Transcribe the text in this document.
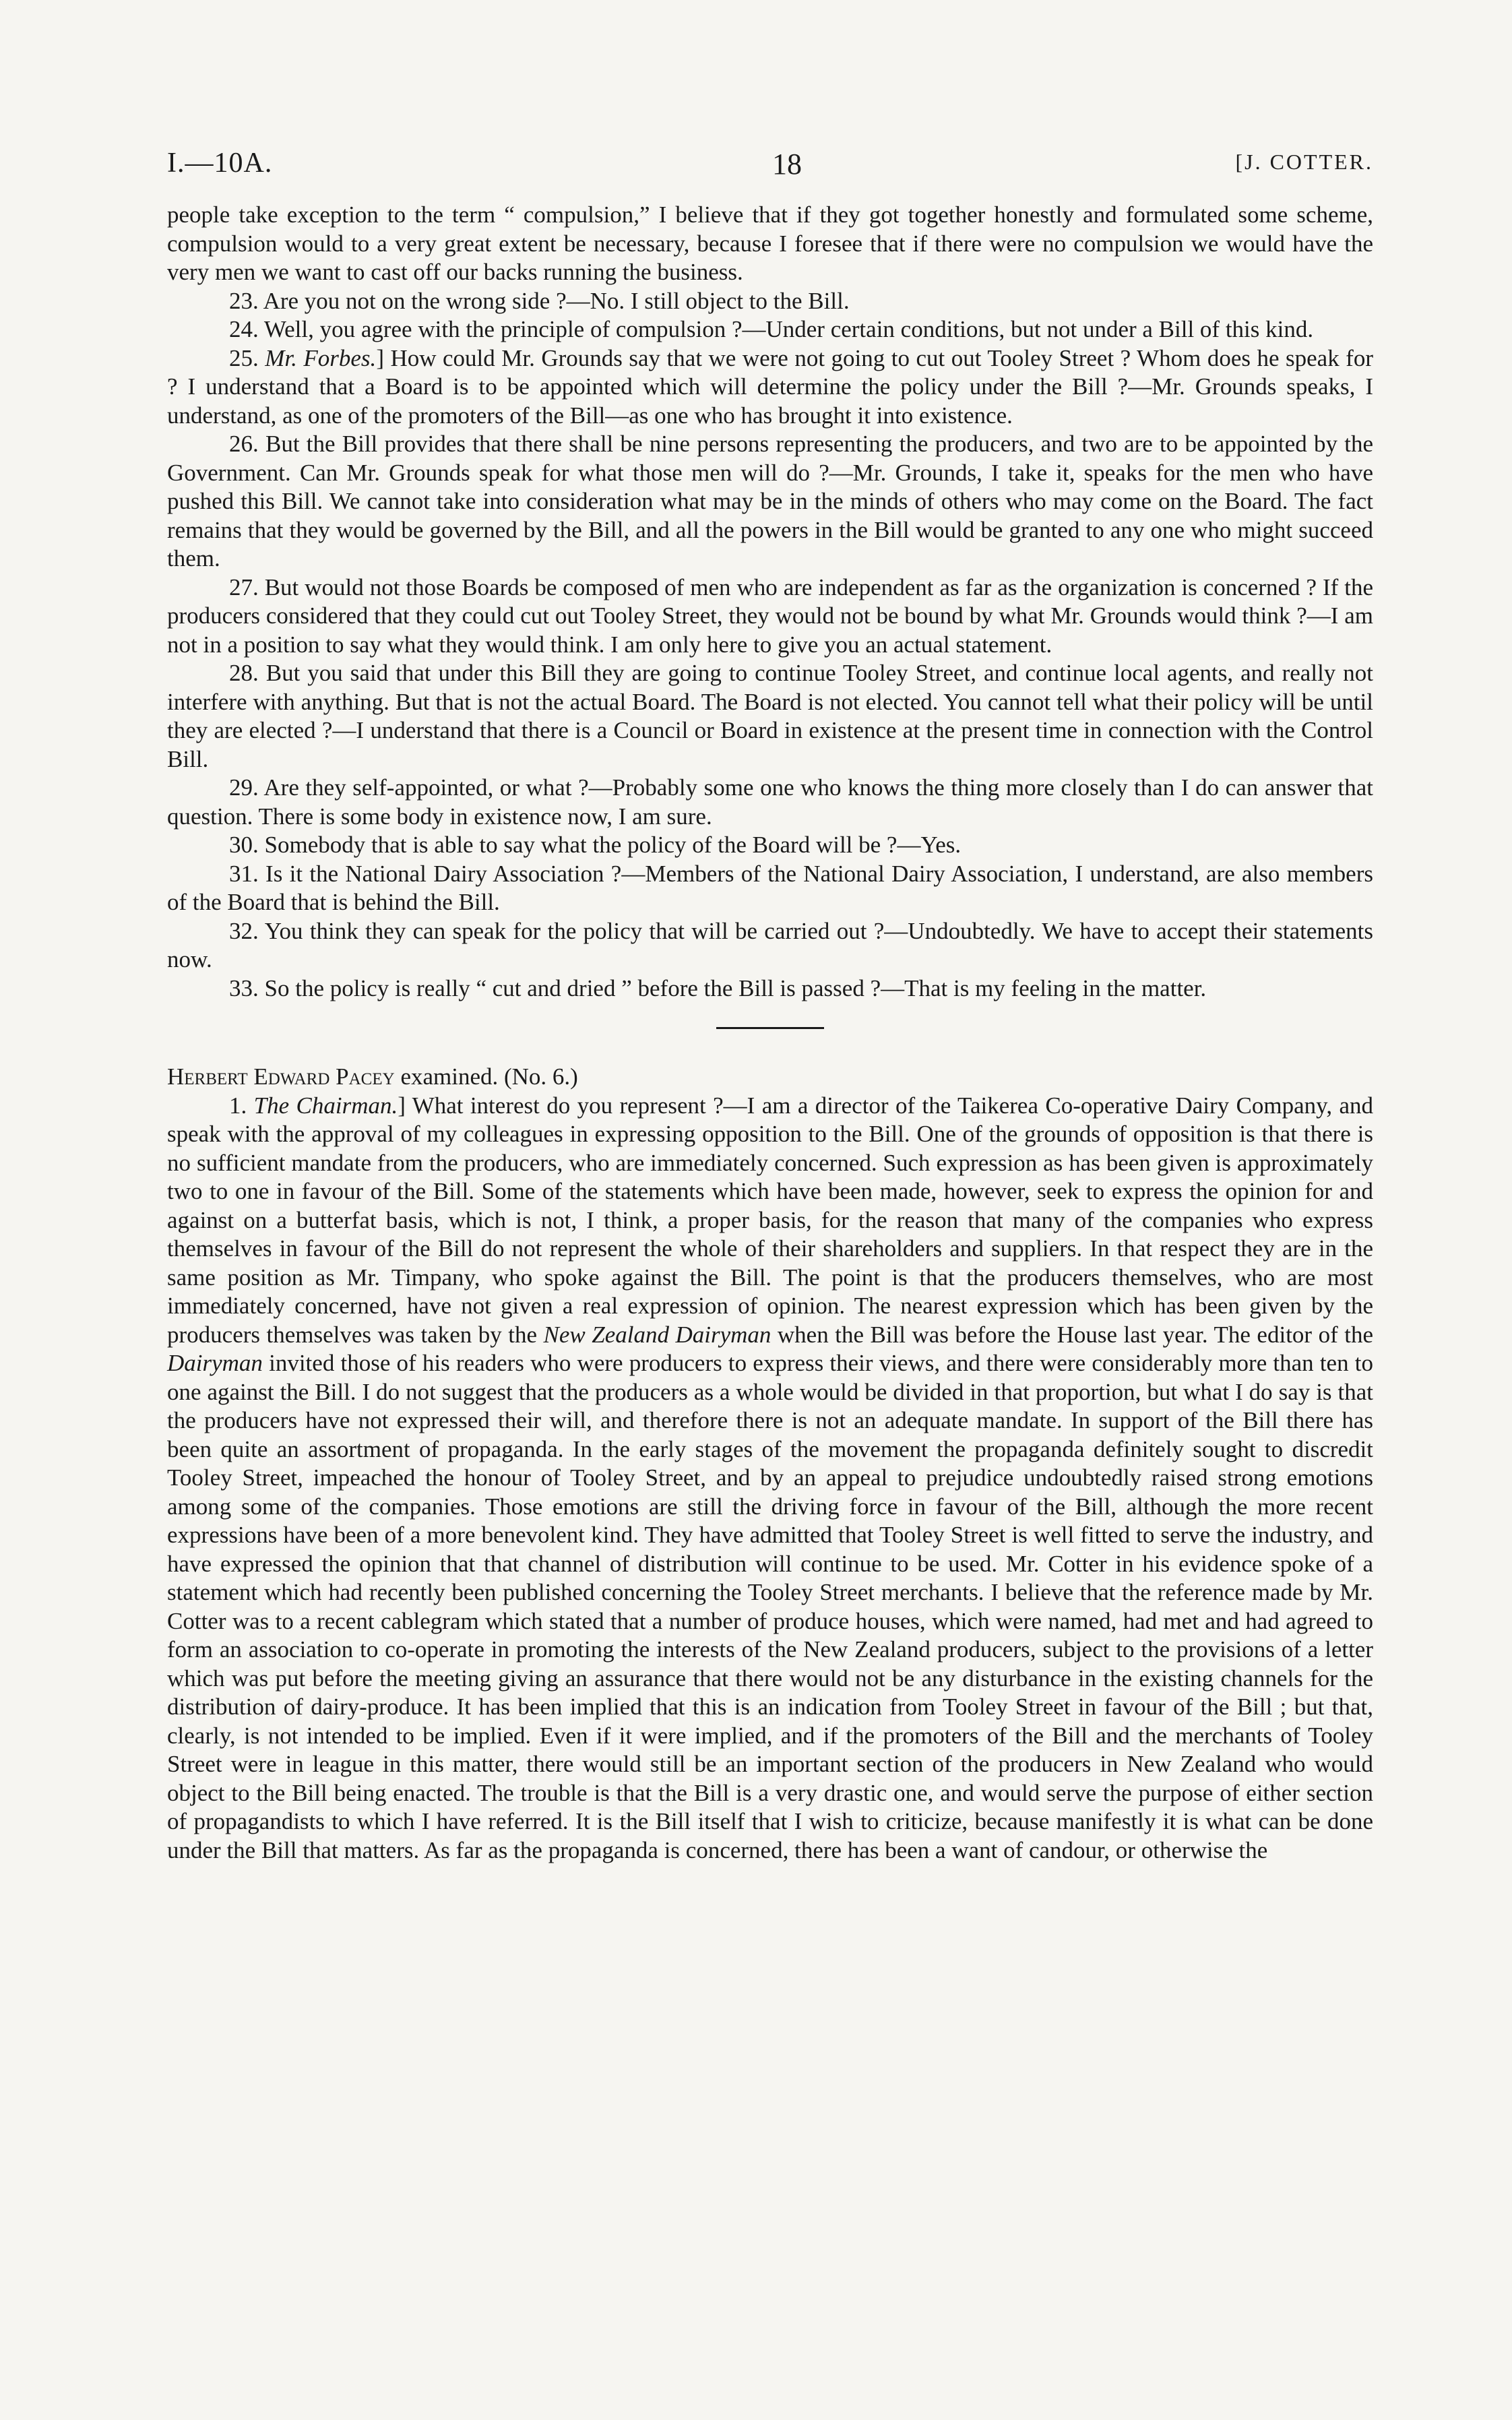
I.—10A.	18	[J. COTTER.

people take exception to the term “ compulsion,” I believe that if they got together honestly and formulated some scheme, compulsion would to a very great extent be necessary, because I foresee that if there were no compulsion we would have the very men we want to cast off our backs running the business.

23. Are you not on the wrong side ?—No. I still object to the Bill.

24. Well, you agree with the principle of compulsion ?—Under certain conditions, but not under a Bill of this kind.

25. Mr. Forbes.] How could Mr. Grounds say that we were not going to cut out Tooley Street ? Whom does he speak for ? I understand that a Board is to be appointed which will determine the policy under the Bill ?—Mr. Grounds speaks, I understand, as one of the promoters of the Bill—as one who has brought it into existence.

26. But the Bill provides that there shall be nine persons representing the producers, and two are to be appointed by the Government. Can Mr. Grounds speak for what those men will do ?—Mr. Grounds, I take it, speaks for the men who have pushed this Bill. We cannot take into consideration what may be in the minds of others who may come on the Board. The fact remains that they would be governed by the Bill, and all the powers in the Bill would be granted to any one who might succeed them.

27. But would not those Boards be composed of men who are independent as far as the organization is concerned ? If the producers considered that they could cut out Tooley Street, they would not be bound by what Mr. Grounds would think ?—I am not in a position to say what they would think. I am only here to give you an actual statement.

28. But you said that under this Bill they are going to continue Tooley Street, and continue local agents, and really not interfere with anything. But that is not the actual Board. The Board is not elected. You cannot tell what their policy will be until they are elected ?—I understand that there is a Council or Board in existence at the present time in connection with the Control Bill.

29. Are they self-appointed, or what ?—Probably some one who knows the thing more closely than I do can answer that question. There is some body in existence now, I am sure.

30. Somebody that is able to say what the policy of the Board will be ?—Yes.

31. Is it the National Dairy Association ?—Members of the National Dairy Association, I understand, are also members of the Board that is behind the Bill.

32. You think they can speak for the policy that will be carried out ?—Undoubtedly. We have to accept their statements now.

33. So the policy is really “ cut and dried ” before the Bill is passed ?—That is my feeling in the matter.

Herbert Edward Pacey examined. (No. 6.)

1. The Chairman.] What interest do you represent ?—I am a director of the Taikerea Co-operative Dairy Company, and speak with the approval of my colleagues in expressing opposition to the Bill. One of the grounds of opposition is that there is no sufficient mandate from the producers, who are immediately concerned. Such expression as has been given is approximately two to one in favour of the Bill. Some of the statements which have been made, however, seek to express the opinion for and against on a butterfat basis, which is not, I think, a proper basis, for the reason that many of the companies who express themselves in favour of the Bill do not represent the whole of their shareholders and suppliers. In that respect they are in the same position as Mr. Timpany, who spoke against the Bill. The point is that the producers themselves, who are most immediately concerned, have not given a real expression of opinion. The nearest expression which has been given by the producers themselves was taken by the New Zealand Dairyman when the Bill was before the House last year. The editor of the Dairyman invited those of his readers who were producers to express their views, and there were considerably more than ten to one against the Bill. I do not suggest that the producers as a whole would be divided in that proportion, but what I do say is that the producers have not expressed their will, and therefore there is not an adequate mandate. In support of the Bill there has been quite an assortment of propaganda. In the early stages of the movement the propaganda definitely sought to discredit Tooley Street, impeached the honour of Tooley Street, and by an appeal to prejudice undoubtedly raised strong emotions among some of the companies. Those emotions are still the driving force in favour of the Bill, although the more recent expressions have been of a more benevolent kind. They have admitted that Tooley Street is well fitted to serve the industry, and have expressed the opinion that that channel of distribution will continue to be used. Mr. Cotter in his evidence spoke of a statement which had recently been published concerning the Tooley Street merchants. I believe that the reference made by Mr. Cotter was to a recent cablegram which stated that a number of produce houses, which were named, had met and had agreed to form an association to co-operate in promoting the interests of the New Zealand producers, subject to the provisions of a letter which was put before the meeting giving an assurance that there would not be any disturbance in the existing channels for the distribution of dairy-produce. It has been implied that this is an indication from Tooley Street in favour of the Bill ; but that, clearly, is not intended to be implied. Even if it were implied, and if the promoters of the Bill and the merchants of Tooley Street were in league in this matter, there would still be an important section of the producers in New Zealand who would object to the Bill being enacted. The trouble is that the Bill is a very drastic one, and would serve the purpose of either section of propagandists to which I have referred. It is the Bill itself that I wish to criticize, because manifestly it is what can be done under the Bill that matters. As far as the propaganda is concerned, there has been a want of candour, or otherwise the
